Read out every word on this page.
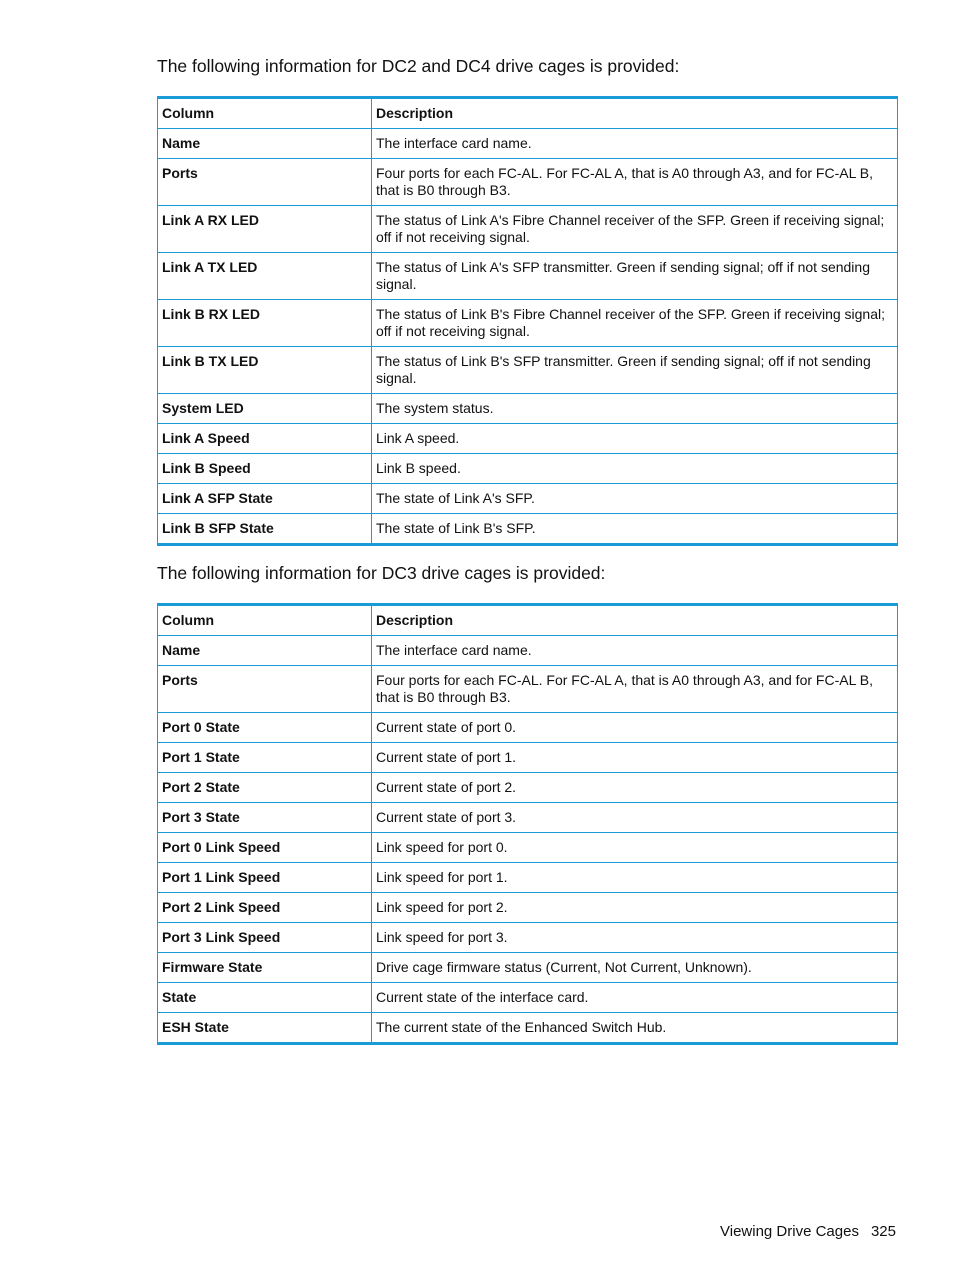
The following information for DC2 and DC4 drive cages is provided:

Column	Description
Name	The interface card name.
Ports	Four ports for each FC-AL. For FC-AL A, that is A0 through A3, and for FC-AL B, that is B0 through B3.
Link A RX LED	The status of Link A's Fibre Channel receiver of the SFP. Green if receiving signal; off if not receiving signal.
Link A TX LED	The status of Link A's SFP transmitter. Green if sending signal; off if not sending signal.
Link B RX LED	The status of Link B's Fibre Channel receiver of the SFP. Green if receiving signal; off if not receiving signal.
Link B TX LED	The status of Link B's SFP transmitter. Green if sending signal; off if not sending signal.
System LED	The system status.
Link A Speed	Link A speed.
Link B Speed	Link B speed.
Link A SFP State	The state of Link A's SFP.
Link B SFP State	The state of Link B's SFP.

The following information for DC3 drive cages is provided:

Column	Description
Name	The interface card name.
Ports	Four ports for each FC-AL. For FC-AL A, that is A0 through A3, and for FC-AL B, that is B0 through B3.
Port 0 State	Current state of port 0.
Port 1 State	Current state of port 1.
Port 2 State	Current state of port 2.
Port 3 State	Current state of port 3.
Port 0 Link Speed	Link speed for port 0.
Port 1 Link Speed	Link speed for port 1.
Port 2 Link Speed	Link speed for port 2.
Port 3 Link Speed	Link speed for port 3.
Firmware State	Drive cage firmware status (Current, Not Current, Unknown).
State	Current state of the interface card.
ESH State	The current state of the Enhanced Switch Hub.
Viewing Drive Cages 325
